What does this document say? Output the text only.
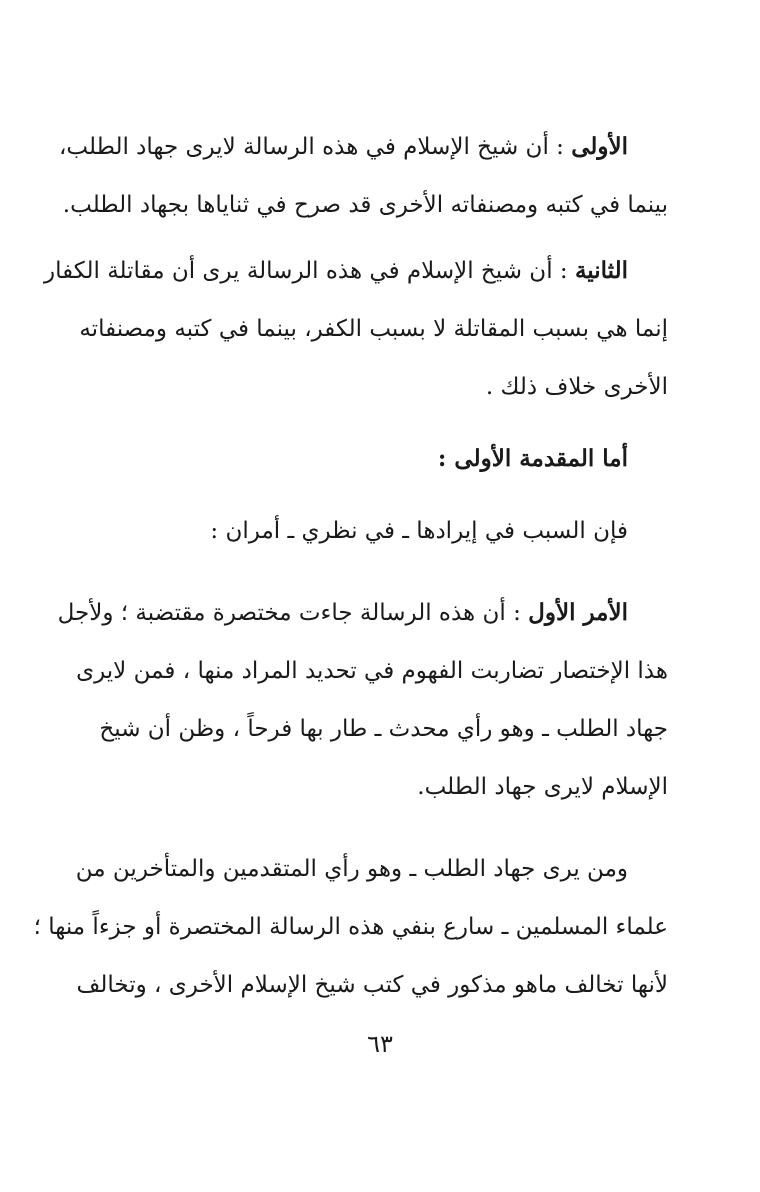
الأولى : أن شيخ الإسلام في هذه الرسالة لايرى جهاد الطلب،
بينما في كتبه ومصنفاته الأخرى قد صرح في ثناياها بجهاد الطلب.

الثانية : أن شيخ الإسلام في هذه الرسالة يرى أن مقاتلة الكفار
إنما هي بسبب المقاتلة لا بسبب الكفر، بينما في كتبه ومصنفاته
الأخرى خلاف ذلك .

أما المقدمة الأولى :

فإن السبب في إيرادها ـ في نظري ـ أمران :

الأمر الأول : أن هذه الرسالة جاءت مختصرة مقتضبة ؛ ولأجل
هذا الإختصار تضاربت الفهوم في تحديد المراد منها ، فمن لايرى
جهاد الطلب ـ وهو رأي محدث ـ طار بها فرحاً ، وظن أن شيخ
الإسلام لايرى جهاد الطلب.

ومن يرى جهاد الطلب ـ وهو رأي المتقدمين والمتأخرين من
علماء المسلمين ـ سارع بنفي هذه الرسالة المختصرة أو جزءاً منها ؛
لأنها تخالف ماهو مذكور في كتب شيخ الإسلام الأخرى ، وتخالف

٦٣
